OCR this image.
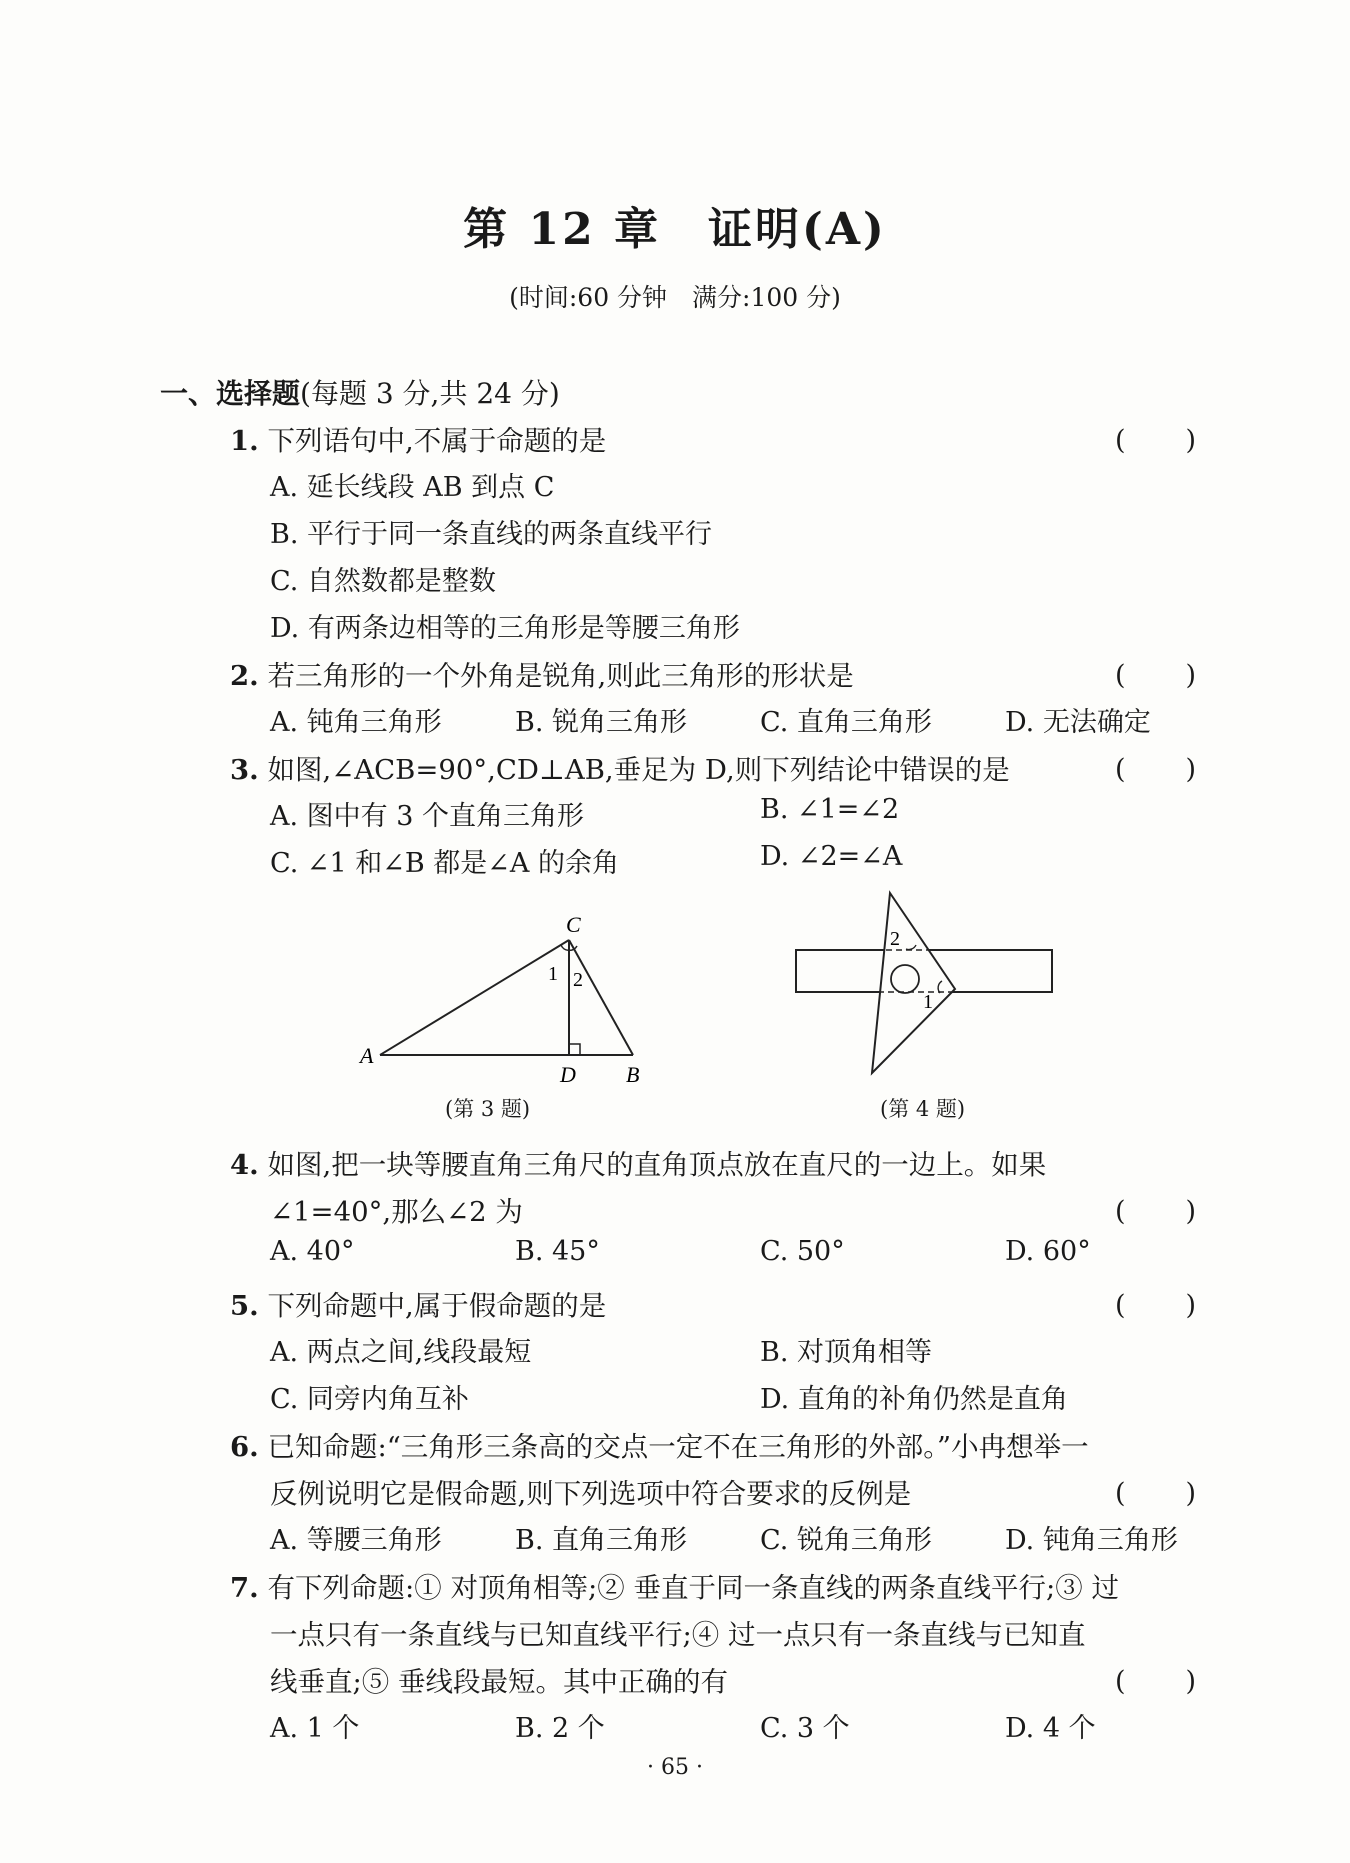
第 12 章　证明(A)
(时间:60 分钟　满分:100 分)
一、选择题(每题 3 分,共 24 分)
1. 下列语句中,不属于命题的是	(　　)
A. 延长线段 AB 到点 C
B. 平行于同一条直线的两条直线平行
C. 自然数都是整数
D. 有两条边相等的三角形是等腰三角形
2. 若三角形的一个外角是锐角,则此三角形的形状是	(　　)
A. 钝角三角形	B. 锐角三角形	C. 直角三角形	D. 无法确定
3. 如图,∠ACB=90°,CD⊥AB,垂足为 D,则下列结论中错误的是	(　　)
A. 图中有 3 个直角三角形	B. ∠1=∠2
C. ∠1 和∠B 都是∠A 的余角	D. ∠2=∠A
C
A
D B
1 2
(第 3 题)
2
1
(第 4 题)
4. 如图,把一块等腰直角三角尺的直角顶点放在直尺的一边上。如果
∠1=40°,那么∠2 为	(　　)
A. 40°	B. 45°	C. 50°	D. 60°
5. 下列命题中,属于假命题的是	(　　)
A. 两点之间,线段最短	B. 对顶角相等
C. 同旁内角互补	D. 直角的补角仍然是直角
6. 已知命题:“三角形三条高的交点一定不在三角形的外部。”小冉想举一
反例说明它是假命题,则下列选项中符合要求的反例是	(　　)
A. 等腰三角形	B. 直角三角形	C. 锐角三角形	D. 钝角三角形
7. 有下列命题:① 对顶角相等;② 垂直于同一条直线的两条直线平行;③ 过
一点只有一条直线与已知直线平行;④ 过一点只有一条直线与已知直
线垂直;⑤ 垂线段最短。其中正确的有	(　　)
A. 1 个	B. 2 个	C. 3 个	D. 4 个
· 65 ·
